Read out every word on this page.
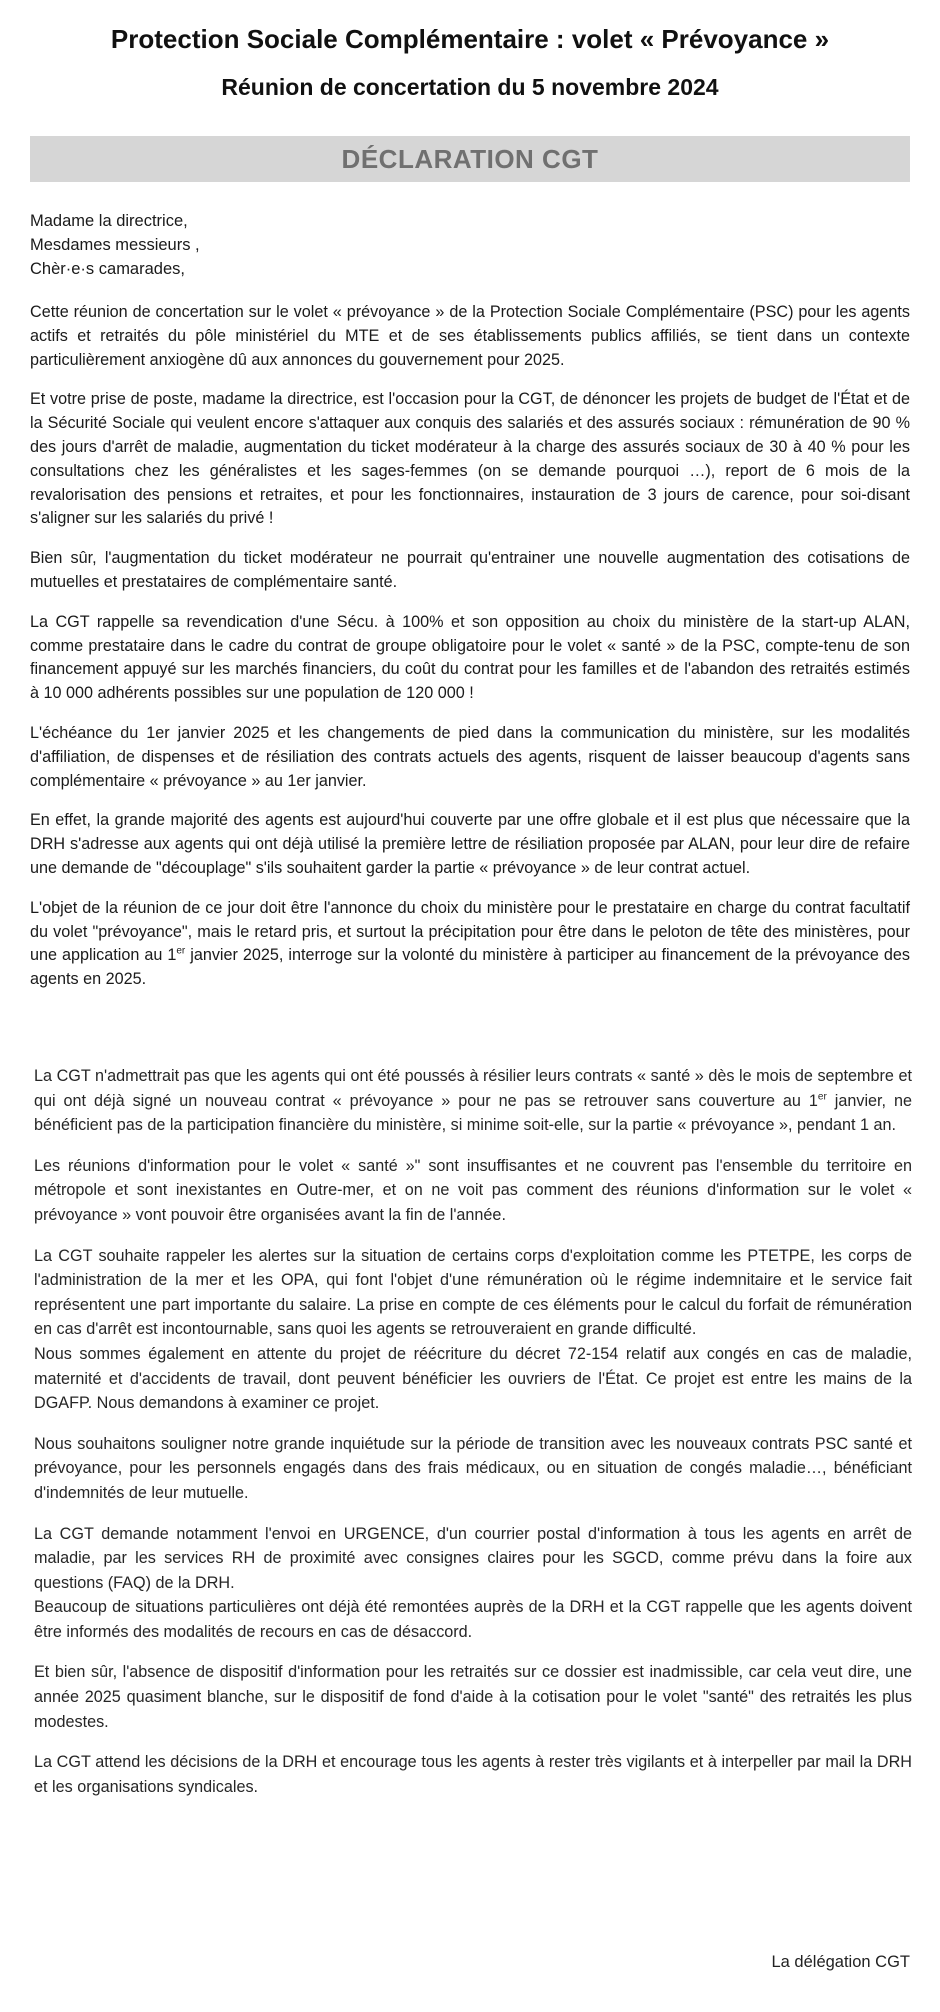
Protection Sociale Complémentaire : volet « Prévoyance »
Réunion de concertation du 5 novembre 2024
DÉCLARATION CGT
Madame la directrice,
Mesdames messieurs ,
Chèr·e·s camarades,

Cette réunion de concertation sur le volet « prévoyance » de la Protection Sociale Complémentaire (PSC) pour les agents actifs et retraités du pôle ministériel du MTE et de ses établissements publics affiliés, se tient dans un contexte particulièrement anxiogène dû aux annonces du gouvernement pour 2025.

Et votre prise de poste, madame la directrice, est l'occasion pour la CGT, de dénoncer les projets de budget de l'État et de la Sécurité Sociale qui veulent encore s'attaquer aux conquis des salariés et des assurés sociaux : rémunération de 90 % des jours d'arrêt de maladie, augmentation du ticket modérateur à la charge des assurés sociaux de 30 à 40 % pour les consultations chez les généralistes et les sages-femmes (on se demande pourquoi …), report de 6 mois de la revalorisation des pensions et retraites, et pour les fonctionnaires, instauration de 3 jours de carence, pour soi-disant s'aligner sur les salariés du privé !

Bien sûr, l'augmentation du ticket modérateur ne pourrait qu'entrainer une nouvelle augmentation des cotisations de mutuelles et prestataires de complémentaire santé.

La CGT rappelle sa revendication d'une Sécu. à 100% et son opposition au choix du ministère de la start-up ALAN, comme prestataire dans le cadre du contrat de groupe obligatoire pour le volet « santé » de la PSC, compte-tenu de son financement appuyé sur les marchés financiers, du coût du contrat pour les familles et de l'abandon des retraités estimés à 10 000 adhérents possibles sur une population de 120 000 !

L'échéance du 1er janvier 2025 et les changements de pied dans la communication du ministère, sur les modalités d'affiliation, de dispenses et de résiliation des contrats actuels des agents, risquent de laisser beaucoup d'agents sans complémentaire « prévoyance » au 1er janvier.

En effet, la grande majorité des agents est aujourd'hui couverte par une offre globale et il est plus que nécessaire que la DRH s'adresse aux agents qui ont déjà utilisé la première lettre de résiliation proposée par ALAN, pour leur dire de refaire une demande de "découplage" s'ils souhaitent garder la partie « prévoyance » de leur contrat actuel.

L'objet de la réunion de ce jour doit être l'annonce du choix du ministère pour le prestataire en charge du contrat facultatif du volet "prévoyance", mais le retard pris, et surtout la précipitation pour être dans le peloton de tête des ministères, pour une application au 1er janvier 2025, interroge sur la volonté du ministère à participer au financement de la prévoyance des agents en 2025.

La CGT n'admettrait pas que les agents qui ont été poussés à résilier leurs contrats « santé » dès le mois de septembre et qui ont déjà signé un nouveau contrat « prévoyance » pour ne pas se retrouver sans couverture au 1er janvier, ne bénéficient pas de la participation financière du ministère, si minime soit-elle, sur la partie « prévoyance », pendant 1 an.

Les réunions d'information pour le volet « santé »" sont insuffisantes et ne couvrent pas l'ensemble du territoire en métropole et sont inexistantes en Outre-mer, et on ne voit pas comment des réunions d'information sur le volet « prévoyance » vont pouvoir être organisées avant la fin de l'année.

La CGT souhaite rappeler les alertes sur la situation de certains corps d'exploitation comme les PTETPE, les corps de l'administration de la mer et les OPA, qui font l'objet d'une rémunération où le régime indemnitaire et le service fait représentent une part importante du salaire. La prise en compte de ces éléments pour le calcul du forfait de rémunération en cas d'arrêt est incontournable, sans quoi les agents se retrouveraient en grande difficulté.

Nous sommes également en attente du projet de réécriture du décret 72-154 relatif aux congés en cas de maladie, maternité et d'accidents de travail, dont peuvent bénéficier les ouvriers de l'État. Ce projet est entre les mains de la DGAFP. Nous demandons à examiner ce projet.

Nous souhaitons souligner notre grande inquiétude sur la période de transition avec les nouveaux contrats PSC santé et prévoyance, pour les personnels engagés dans des frais médicaux, ou en situation de congés maladie…, bénéficiant d'indemnités de leur mutuelle.

La CGT demande notamment l'envoi en URGENCE, d'un courrier postal d'information à tous les agents en arrêt de maladie, par les services RH de proximité avec consignes claires pour les SGCD, comme prévu dans la foire aux questions (FAQ) de la DRH.

Beaucoup de situations particulières ont déjà été remontées auprès de la DRH et la CGT rappelle que les agents doivent être informés des modalités de recours en cas de désaccord.

Et bien sûr, l'absence de dispositif d'information pour les retraités sur ce dossier est inadmissible, car cela veut dire, une année 2025 quasiment blanche, sur le dispositif de fond d'aide à la cotisation pour le volet "santé" des retraités les plus modestes.

La CGT attend les décisions de la DRH et encourage tous les agents à rester très vigilants et à interpeller par mail la DRH et les organisations syndicales.

La délégation CGT
